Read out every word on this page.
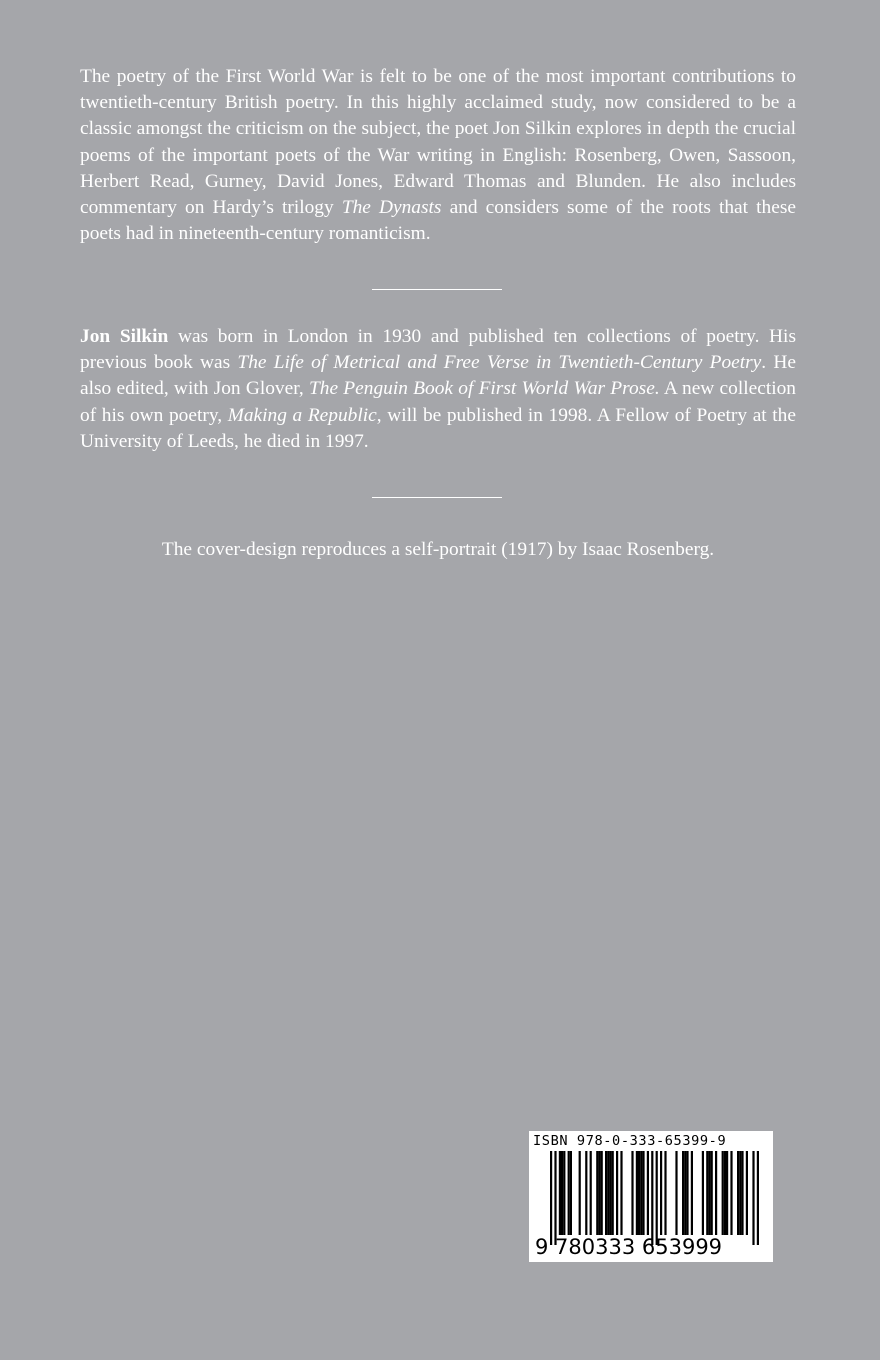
The poetry of the First World War is felt to be one of the most important contributions to twentieth-century British poetry. In this highly acclaimed study, now considered to be a classic amongst the criticism on the subject, the poet Jon Silkin explores in depth the crucial poems of the important poets of the War writing in English: Rosenberg, Owen, Sassoon, Herbert Read, Gurney, David Jones, Edward Thomas and Blunden. He also includes commentary on Hardy’s trilogy The Dynasts and considers some of the roots that these poets had in nineteenth-century romanticism.

Jon Silkin was born in London in 1930 and published ten collections of poetry. His previous book was The Life of Metrical and Free Verse in Twentieth-Century Poetry. He also edited, with Jon Glover, The Penguin Book of First World War Prose. A new collection of his own poetry, Making a Republic, will be published in 1998. A Fellow of Poetry at the University of Leeds, he died in 1997.

The cover-design reproduces a self-portrait (1917) by Isaac Rosenberg.

ISBN 978-0-333-65399-9
9 780333 653999
